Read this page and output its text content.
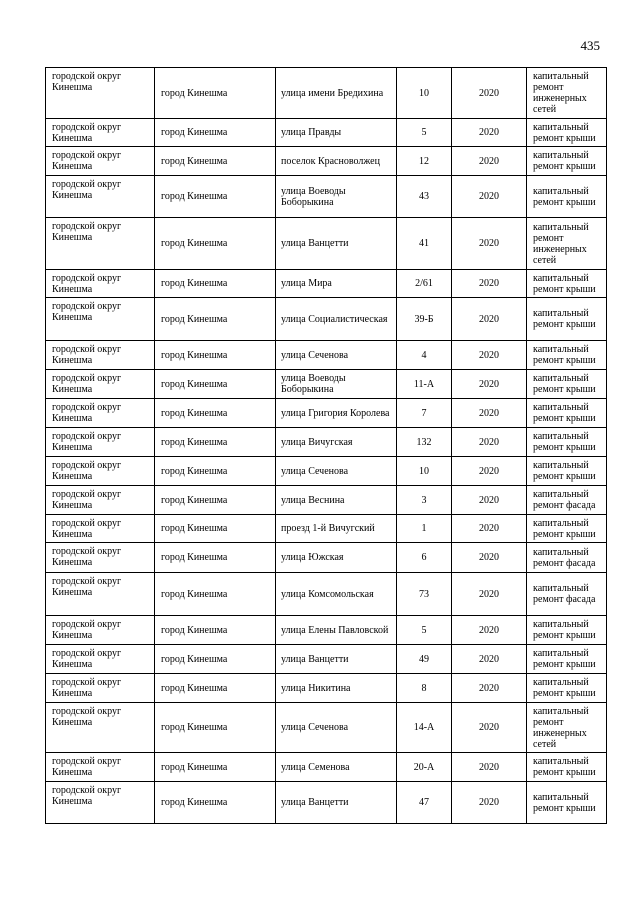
435
городской округ Кинешма	город Кинешма	улица имени Бредихина	10	2020	капитальный ремонт инженерных сетей
городской округ Кинешма	город Кинешма	улица Правды	5	2020	капитальный ремонт крыши
городской округ Кинешма	город Кинешма	поселок Красноволжец	12	2020	капитальный ремонт крыши
городской округ Кинешма	город Кинешма	улица Воеводы Боборыкина	43	2020	капитальный ремонт крыши
городской округ Кинешма	город Кинешма	улица Ванцетти	41	2020	капитальный ремонт инженерных сетей
городской округ Кинешма	город Кинешма	улица Мира	2/61	2020	капитальный ремонт крыши
городской округ Кинешма	город Кинешма	улица Социалистическая	39-Б	2020	капитальный ремонт крыши
городской округ Кинешма	город Кинешма	улица Сеченова	4	2020	капитальный ремонт крыши
городской округ Кинешма	город Кинешма	улица Воеводы Боборыкина	11-А	2020	капитальный ремонт крыши
городской округ Кинешма	город Кинешма	улица Григория Королева	7	2020	капитальный ремонт крыши
городской округ Кинешма	город Кинешма	улица Вичугская	132	2020	капитальный ремонт крыши
городской округ Кинешма	город Кинешма	улица Сеченова	10	2020	капитальный ремонт крыши
городской округ Кинешма	город Кинешма	улица Веснина	3	2020	капитальный ремонт фасада
городской округ Кинешма	город Кинешма	проезд 1-й Вичугский	1	2020	капитальный ремонт крыши
городской округ Кинешма	город Кинешма	улица Южская	6	2020	капитальный ремонт фасада
городской округ Кинешма	город Кинешма	улица Комсомольская	73	2020	капитальный ремонт фасада
городской округ Кинешма	город Кинешма	улица Елены Павловской	5	2020	капитальный ремонт крыши
городской округ Кинешма	город Кинешма	улица Ванцетти	49	2020	капитальный ремонт крыши
городской округ Кинешма	город Кинешма	улица Никитина	8	2020	капитальный ремонт крыши
городской округ Кинешма	город Кинешма	улица Сеченова	14-А	2020	капитальный ремонт инженерных сетей
городской округ Кинешма	город Кинешма	улица Семенова	20-А	2020	капитальный ремонт крыши
городской округ Кинешма	город Кинешма	улица Ванцетти	47	2020	капитальный ремонт крыши
